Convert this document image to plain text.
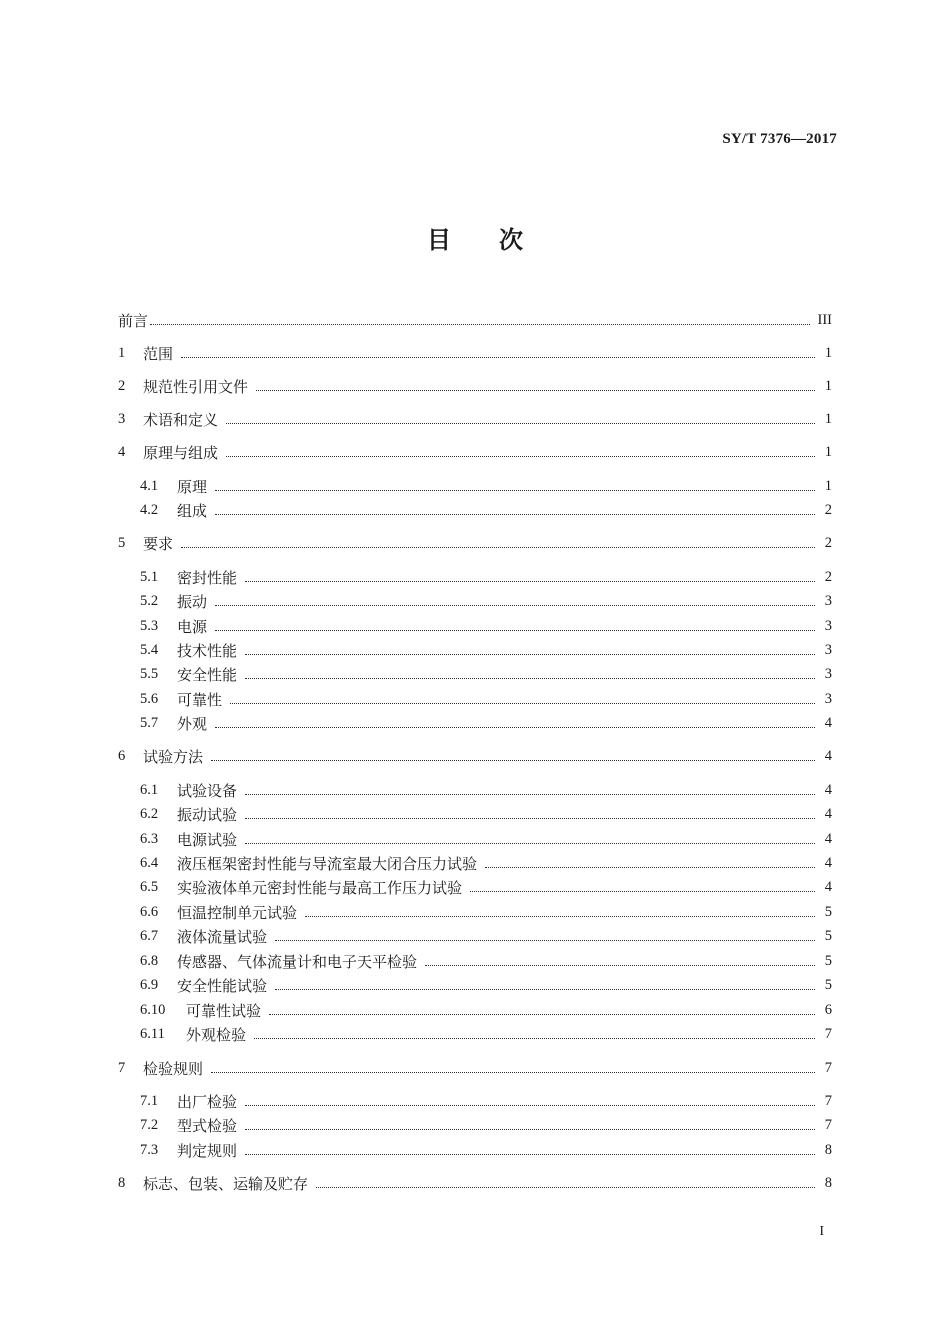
SY/T 7376—2017
目次
前言	III
1	范围	1
2	规范性引用文件	1
3	术语和定义	1
4	原理与组成	1
4.1	原理	1
4.2	组成	2
5	要求	2
5.1	密封性能	2
5.2	振动	3
5.3	电源	3
5.4	技术性能	3
5.5	安全性能	3
5.6	可靠性	3
5.7	外观	4
6	试验方法	4
6.1	试验设备	4
6.2	振动试验	4
6.3	电源试验	4
6.4	液压框架密封性能与导流室最大闭合压力试验	4
6.5	实验液体单元密封性能与最高工作压力试验	4
6.6	恒温控制单元试验	5
6.7	液体流量试验	5
6.8	传感器、气体流量计和电子天平检验	5
6.9	安全性能试验	5
6.10	可靠性试验	6
6.11	外观检验	7
7	检验规则	7
7.1	出厂检验	7
7.2	型式检验	7
7.3	判定规则	8
8	标志、包装、运输及贮存	8
I
